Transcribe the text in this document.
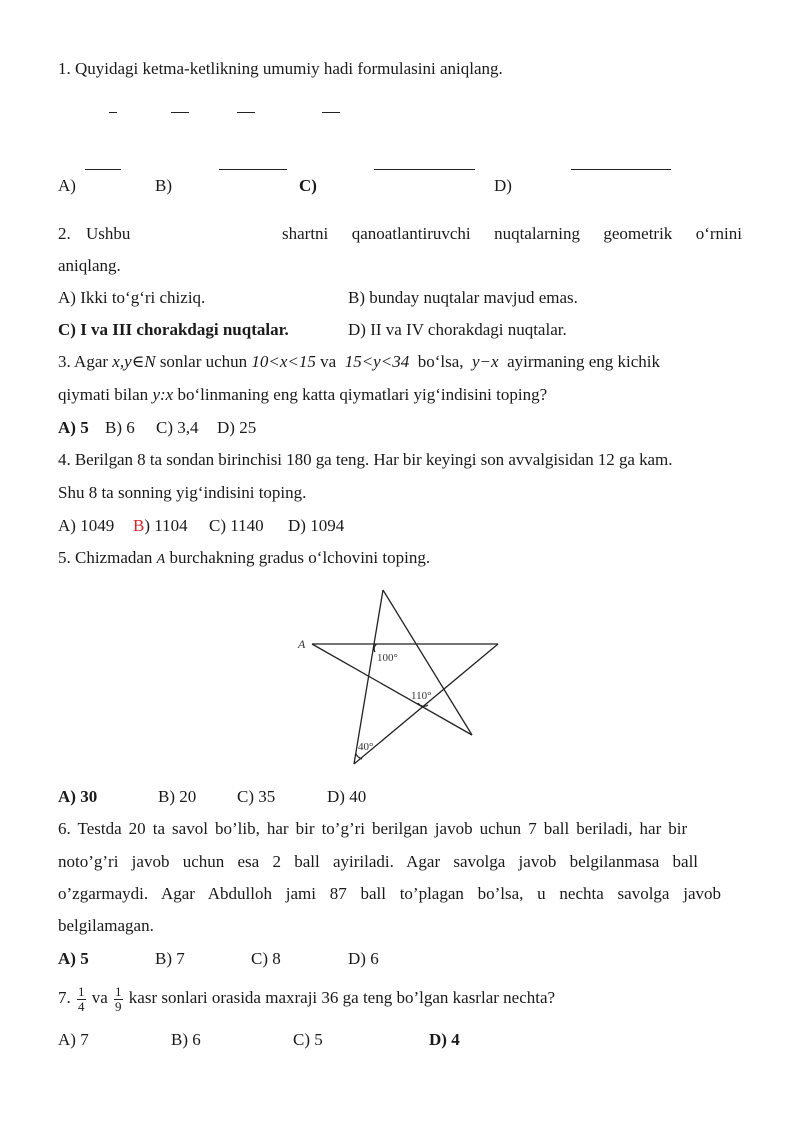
1. Quyidagi ketma-ketlikning umumiy hadi formulasini aniqlang.
A)	B)	C)	D)
2. Ushbu	shartni qanoatlantiruvchi nuqtalarning geometrik o‘rnini
aniqlang.
A) Ikki to‘g‘ri chiziq.	B) bunday nuqtalar mavjud emas.
C) I va III chorakdagi nuqtalar.	D) II va IV chorakdagi nuqtalar.
3. Agar x,y∈N sonlar uchun 10<x<15 va  15<y<34  bo‘lsa,  y−x  ayirmaning eng kichik
qiymati bilan y:x bo‘linmaning eng katta qiymatlari yig‘indisini toping?
A) 5 B) 6 C) 3,4 D) 25
4. Berilgan 8 ta sondan birinchisi 180 ga teng. Har bir keyingi son avvalgisidan 12 ga kam.
Shu 8 ta sonning yig‘indisini toping.
A) 1049 B) 1104 C) 1140 D) 1094
5. Chizmadan A burchakning gradus o‘lchovini toping.
A
100°
110°
40°
A) 30	B) 20 C) 35	D) 40
6. Testda 20 ta savol bo’lib, har bir to’g’ri berilgan javob uchun 7 ball beriladi, har bir
noto’g’ri javob uchun esa 2 ball ayiriladi. Agar savolga javob belgilanmasa ball
o’zgarmaydi. Agar Abdulloh jami 87 ball to’plagan bo’lsa, u nechta savolga javob
belgilamagan.
A) 5	B) 7	C) 8	D) 6
7. $\frac{1}{4}$ va $\frac{1}{9}$ kasr sonlari orasida maxraji 36 ga teng bo’lgan kasrlar nechta?
A) 7	B) 6	C) 5	D) 4
